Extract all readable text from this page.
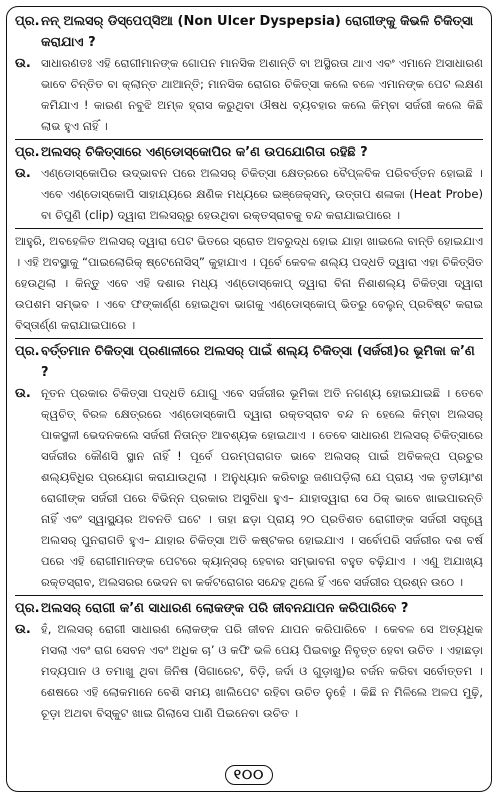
ପ୍ର. ନନ୍ ଅଲସର୍ ଡିସ୍ପେପ୍ସିଆ (Non Ulcer Dyspepsia) ରୋଗୀଙ୍କୁ କିଭଳି ଚିକିତ୍ସା କରାଯାଏ ?
ଉ. ସାଧାରଣତଃ ଏହି ରୋଗୀମାନଙ୍କ ଗୋପନ ମାନସିକ ଅଶାନ୍ତି ବା ଅସ୍ଥିରତା ଥାଏ ଏବଂ ଏମାନେ ଅସାଧାରଣ ଭାବେ ଚିନ୍ତିତ ବା କ୍ଲାନ୍ତ ଥାଆନ୍ତି; ମାନସିକ ରୋଗର ଚିକିତ୍ସା କଲେ ବଳେ ଏମାନଙ୍କ ପେଟ ଲକ୍ଷଣ କମିଯାଏ ! କାରଣ ନବୁଝି ଅମ୍ଳ ହ୍ରାସ କରୁଥିବା ଔଷଧ ବ୍ୟବହାର କଲେ କିମ୍ବା ସର୍ଜରୀ କଲେ କିଛି ଲାଭ ହୁଏ ନାହିଁ ।
ପ୍ର. ଅଲସର୍ ଚିକିତ୍ସାରେ ଏଣ୍ଡୋସ୍କୋପିର କ’ଣ ଉପଯୋଗିତା ରହିଛି ?
ଉ. ଏଣ୍ଡୋସ୍କୋପିର ଉଦ୍ଭାବନ ପରେ ଅଲସର୍ ଚିକିତ୍ସା କ୍ଷେତ୍ରରେ ବୈପ୍ଳବିକ ପରିବର୍ତ୍ତନ ହୋଇଛି । ଏବେ ଏଣ୍ଡୋସ୍କୋପି ସାହାଯ୍ୟରେ କ୍ଷଣିକ ମଧ୍ୟରେ ଇଞ୍ଜେକ୍ସନ୍, ଉତ୍ତାପ ଶଳାକା (Heat Probe) ବା ଚିପୁଣି (clip) ଦ୍ୱାରା ଅଲସର୍‌ରୁ ହେଉଥିବା ରକ୍ତସ୍ରାବକୁ ବନ୍ଦ କରାଯାଇପାରେ ।

ଆହୁରି, ଅବହେଳିତ ଅଲସର୍ ଦ୍ୱାରା ପେଟ ଭିତରେ ସ୍ରୋତ ଅବରୁଦ୍ଧ ହୋଇ ଯାହା ଖାଇଲେ ବାନ୍ତି ହୋଇଯାଏ । ଏହି ଅବସ୍ଥାକୁ “ପାଇଲୋରିକ୍ ଷ୍ଟେନୋସିସ୍” କୁହାଯାଏ । ପୂର୍ବେ କେବଳ ଶଲ୍ୟ ପଦ୍ଧତି ଦ୍ୱାରା ଏହା ଚିକିତ୍ସିତ ହେଉଥିଲା । କିନ୍ତୁ ଏବେ ଏହି ଦଶାର ମଧ୍ୟ ଏଣ୍ଡୋସ୍କୋପ୍ ଦ୍ୱାରା ବିନା ନିଶାଶଲ୍ୟ ଚିକିତ୍ସା ଦ୍ୱାରା ଉପଶମ ସମ୍ଭବ । ଏବେ ଫଙ୍କାର୍ଣ୍ଣ ହୋଇଥିବା ଭାଗକୁ ଏଣ୍ଡୋସ୍କୋପ୍ ଭିତରୁ ବେଲୁନ୍ ପ୍ରବିଷ୍ଟ କରାଇ ବିସ୍ତାର୍ଣ୍ଣ କରାଯାଇପାରେ ।

ପ୍ର. ବର୍ତ୍ତମାନ ଚିକିତ୍ସା ପ୍ରଣାଳୀରେ ଅଲସର୍ ପାଇଁ ଶଲ୍ୟ ଚିକିତ୍ସା (ସର୍ଜରୀ)ର ଭୂମିକା କ’ଣ ?
ଉ. ନୂତନ ପ୍ରକାର ଚିକିତ୍ସା ପଦ୍ଧତି ଯୋଗୁ ଏବେ ସର୍ଜରୀର ଭୂମିକା ଅତି ନଗଣ୍ୟ ହୋଇଯାଇଛି । ତେବେ କ୍ୱଚିତ୍ ବିରଳ କ୍ଷେତ୍ରରେ ଏଣ୍ଡୋସ୍କୋପି ଦ୍ୱାରା ରକ୍ତସ୍ରାବ ବନ୍ଦ ନ ହେଲେ କିମ୍ବା ଅଲସର୍ ପାକସ୍ଥଳୀ ଭେଦନକଲେ ସର୍ଜରୀ ନିତାନ୍ତ ଆବଶ୍ୟକ ହୋଇଥାଏ । ତେବେ ସାଧାରଣ ଅଲସର୍ ଚିକିତ୍ସାରେ ସର୍ଜରୀର କୌଣସି ସ୍ଥାନ ନାହିଁ ! ପୂର୍ବେ ପରମ୍ପରାଗତ ଭାବେ ଅଲସର୍ ପାଇଁ ଅବିକଳ୍ପ ପ୍ରଚୁର ଶଲ୍ୟବିଧିର ପ୍ରୟୋଗ କରାଯାଉଥିଲା । ଅନୁଧ୍ୟାନ କରିବାରୁ ଜଣାପଡ଼ିଲା ଯେ ପ୍ରାୟ ଏକ ତୃତୀୟାଂଶ ରୋଗୀଙ୍କ ସର୍ଜରୀ ପରେ ବିଭିନ୍ନ ପ୍ରକାର ଅସୁବିଧା ହୁଏ– ଯାହାଦ୍ୱାରା ସେ ଠିକ୍ ଭାବେ ଖାଇପାରନ୍ତି ନାହିଁ ଏବଂ ସ୍ୱାସ୍ଥ୍ୟର ଅବନତି ଘଟେ । ତାହା ଛଡ଼ା ପ୍ରାୟ ୨୦ ପ୍ରତିଶତ ରୋଗୀଙ୍କ ସର୍ଜରୀ ସତ୍ତ୍ୱେ ଅଲସର୍ ପୁନରାଗତି ହୁଏ– ଯାହାର ଚିକିତ୍ସା ଅତି କଷ୍ଟକର ହୋଇଯାଏ । ସର୍ବୋପରି ସର୍ଜରୀର ଦଶ ବର୍ଷ ପରେ ଏହି ରୋଗୀମାନଙ୍କ ପେଟରେ କ୍ୟାନ୍ସର୍ ହେବାର ସମ୍ଭାବନା ବହୁତ ବଢ଼ିଯାଏ । ଏଣୁ ଅଯାଖ୍ୟ ରକ୍ତସ୍ରାବ, ଅଲସରର ଭେଦନ ବା କର୍କଟରୋଗର ସନ୍ଦେହ ଥିଲେ ହିଁ ଏବେ ସର୍ଜରୀର ପ୍ରଶ୍ନ ଉଠେ ।
ପ୍ର. ଅଲସର୍ ରୋଗୀ କ’ଣ ସାଧାରଣ ଲୋକଙ୍କ ପରି ଜୀବନଯାପନ କରିପାରିବେ ?
ଉ. ହଁ, ଅଲସର୍ ରୋଗୀ ସାଧାରଣ ଲୋକଙ୍କ ପରି ଜୀବନ ଯାପନ କରିପାରିବେ । କେବଳ ସେ ଅତ୍ୟଧିକ ମସଲା ଏବଂ ରାଗ ସେବନ ଏବଂ ଅଧିକ ଚା’ ଓ କଫି ଭଳି ପେୟ ପିଇବାରୁ ନିବୃତ୍ତ ହେବା ଉଚିତ । ଏହାଛଡ଼ା ମଦ୍ୟପାନ ଓ ତମାଖୁ ଥିବା ଜିନିଷ (ସିଗାରେଟ, ବିଡ଼ି, ଜର୍ଦା ଓ ଗୁଡ଼ାଖୁ)ର ବର୍ଜନ କରିବା ସର୍ବୋତ୍ତମ । ଶେଷରେ ଏହି ଲୋକମାନେ ବେଶି ସମୟ ଖାଲିପେଟ ରହିବା ଉଚିତ ନୁହେଁ । କିଛି ନ ମିଳିଲେ ଅଳପ ମୁଢ଼ି, ଚୂଡ଼ା ଅଥବା ବିସ୍କୁଟ ଖାଇ ଗିଲାସେ ପାଣି ପିଇନେବା ଉଚିତ ।
୧୦୦
